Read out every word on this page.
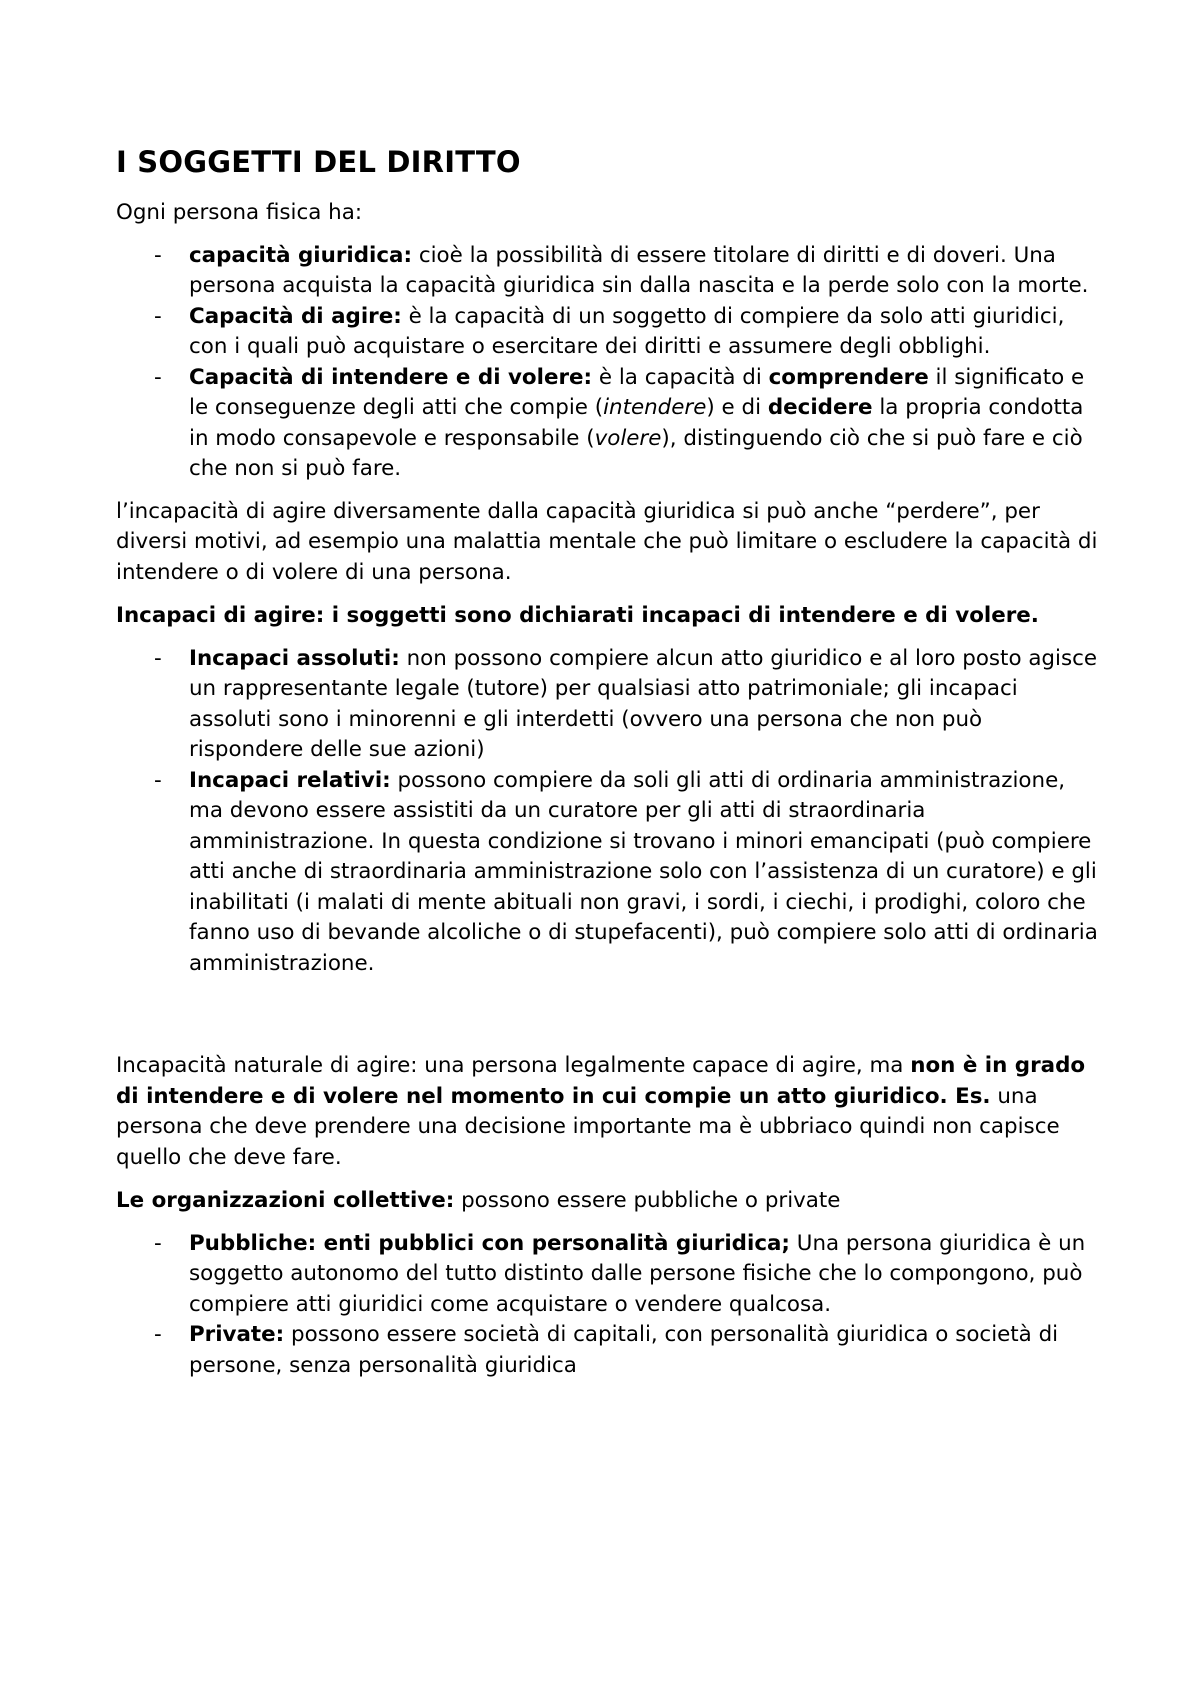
I SOGGETTI DEL DIRITTO

Ogni persona fisica ha:

- capacità giuridica: cioè la possibilità di essere titolare di diritti e di doveri. Una persona acquista la capacità giuridica sin dalla nascita e la perde solo con la morte.
- Capacità di agire: è la capacità di un soggetto di compiere da solo atti giuridici, con i quali può acquistare o esercitare dei diritti e assumere degli obblighi.
- Capacità di intendere e di volere: è la capacità di comprendere il significato e le conseguenze degli atti che compie (intendere) e di decidere la propria condotta in modo consapevole e responsabile (volere), distinguendo ciò che si può fare e ciò che non si può fare.

l’incapacità di agire diversamente dalla capacità giuridica si può anche “perdere”, per diversi motivi, ad esempio una malattia mentale che può limitare o escludere la capacità di intendere o di volere di una persona.

Incapaci di agire: i soggetti sono dichiarati incapaci di intendere e di volere.

- Incapaci assoluti: non possono compiere alcun atto giuridico e al loro posto agisce un rappresentante legale (tutore) per qualsiasi atto patrimoniale; gli incapaci assoluti sono i minorenni e gli interdetti (ovvero una persona che non può rispondere delle sue azioni)
- Incapaci relativi: possono compiere da soli gli atti di ordinaria amministrazione, ma devono essere assistiti da un curatore per gli atti di straordinaria amministrazione. In questa condizione si trovano i minori emancipati (può compiere atti anche di straordinaria amministrazione solo con l’assistenza di un curatore) e gli inabilitati (i malati di mente abituali non gravi, i sordi, i ciechi, i prodighi, coloro che fanno uso di bevande alcoliche o di stupefacenti), può compiere solo atti di ordinaria amministrazione.

Incapacità naturale di agire: una persona legalmente capace di agire, ma non è in grado di intendere e di volere nel momento in cui compie un atto giuridico. Es. una persona che deve prendere una decisione importante ma è ubbriaco quindi non capisce quello che deve fare.

Le organizzazioni collettive: possono essere pubbliche o private

- Pubbliche: enti pubblici con personalità giuridica; Una persona giuridica è un soggetto autonomo del tutto distinto dalle persone fisiche che lo compongono, può compiere atti giuridici come acquistare o vendere qualcosa.
- Private: possono essere società di capitali, con personalità giuridica o società di persone, senza personalità giuridica
